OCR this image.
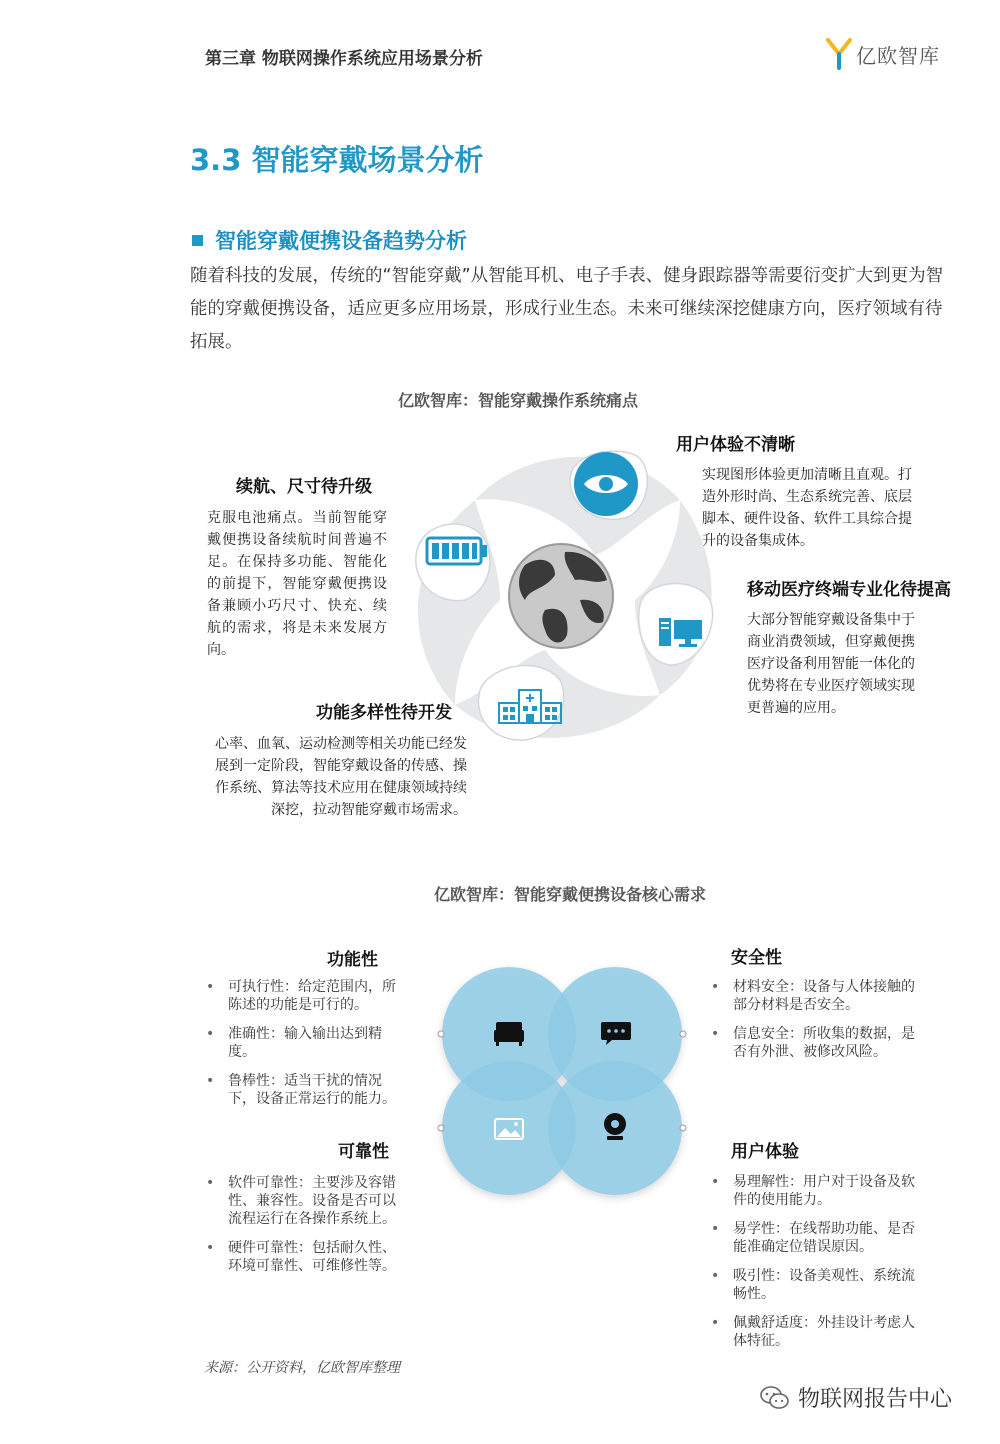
第三章 物联网操作系统应用场景分析	亿欧智库
3.3 智能穿戴场景分析
智能穿戴便携设备趋势分析
随着科技的发展，传统的“智能穿戴”从智能耳机、电子手表、健身跟踪器等需要衍变扩大到更为智能的穿戴便携设备，适应更多应用场景，形成行业生态。未来可继续深挖健康方向，医疗领域有待拓展。
亿欧智库：智能穿戴操作系统痛点
续航、尺寸待升级
克服电池痛点。当前智能穿戴便携设备续航时间普遍不足。在保持多功能、智能化的前提下，智能穿戴便携设备兼顾小巧尺寸、快充、续航的需求，将是未来发展方向。
用户体验不清晰
实现图形体验更加清晰且直观。打造外形时尚、生态系统完善、底层脚本、硬件设备、软件工具综合提升的设备集成体。
移动医疗终端专业化待提高
大部分智能穿戴设备集中于商业消费领域，但穿戴便携医疗设备利用智能一体化的优势将在专业医疗领域实现更普遍的应用。
功能多样性待开发
心率、血氧、运动检测等相关功能已经发展到一定阶段，智能穿戴设备的传感、操作系统、算法等技术应用在健康领域持续深挖，拉动智能穿戴市场需求。
亿欧智库：智能穿戴便携设备核心需求
功能性
• 可执行性：给定范围内，所陈述的功能是可行的。
• 准确性：输入输出达到精度。
• 鲁棒性：适当干扰的情况下，设备正常运行的能力。
可靠性
• 软件可靠性：主要涉及容错性、兼容性。设备是否可以流程运行在各操作系统上。
• 硬件可靠性：包括耐久性、环境可靠性、可维修性等。
安全性
• 材料安全：设备与人体接触的部分材料是否安全。
• 信息安全：所收集的数据，是否有外泄、被修改风险。
用户体验
• 易理解性：用户对于设备及软件的使用能力。
• 易学性：在线帮助功能、是否能准确定位错误原因。
• 吸引性：设备美观性、系统流畅性。
• 佩戴舒适度：外挂设计考虑人体特征。
来源：公开资料，亿欧智库整理
物联网报告中心
